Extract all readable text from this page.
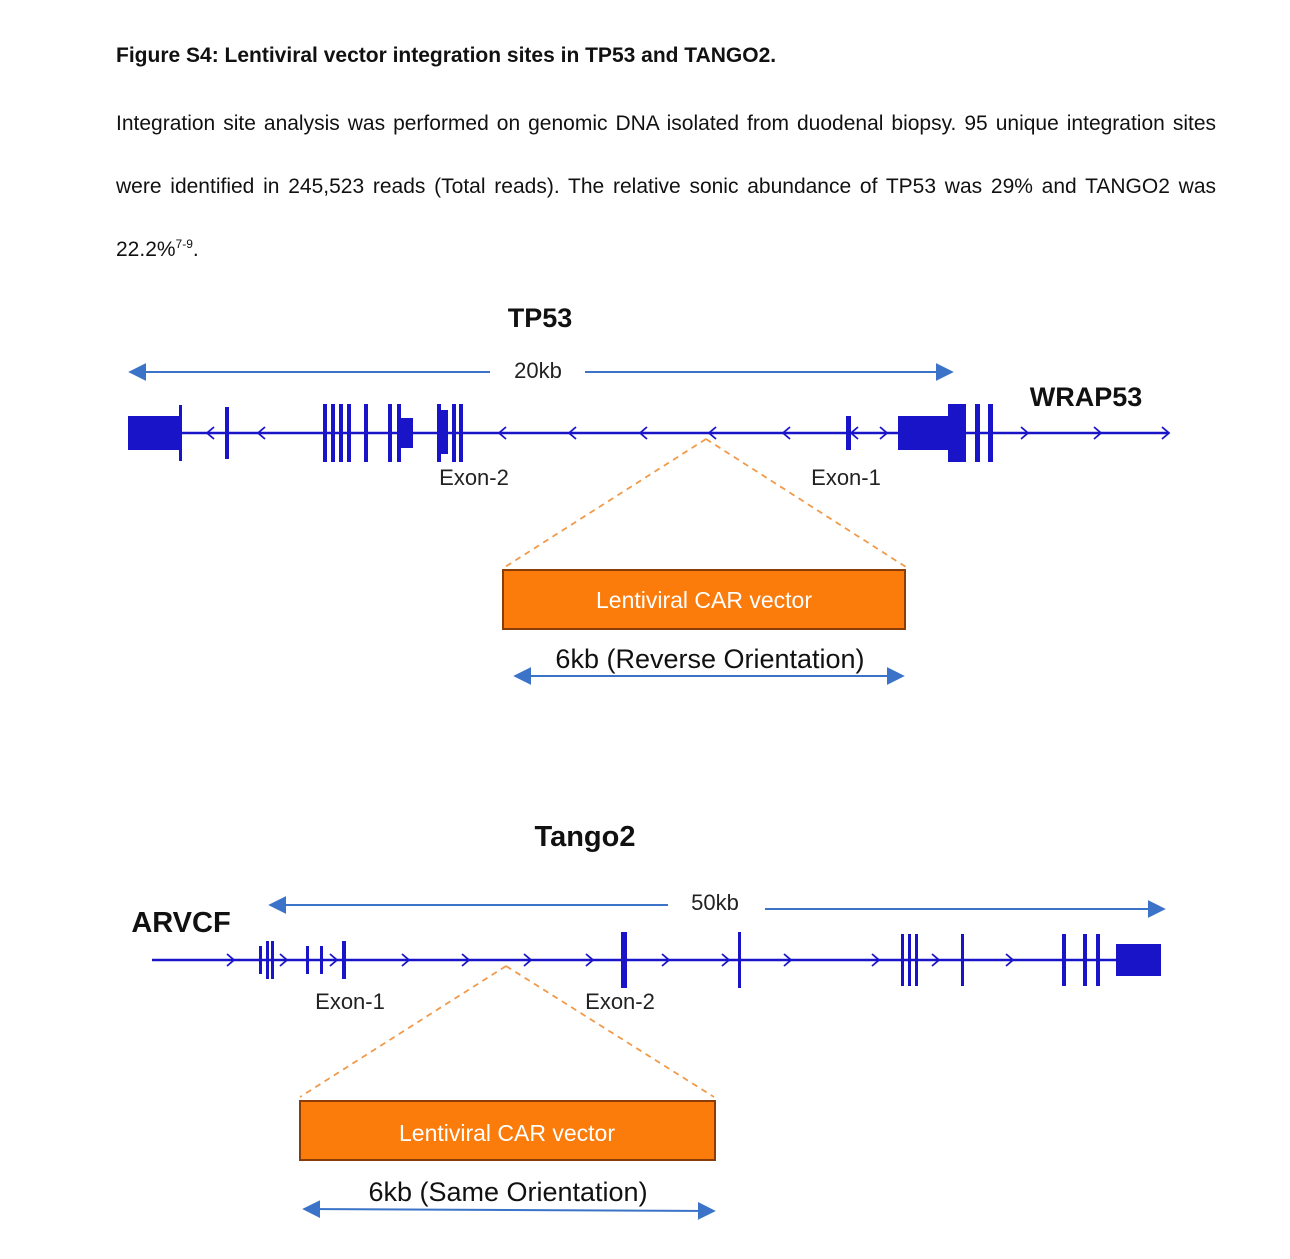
Figure S4: Lentiviral vector integration sites in TP53 and TANGO2.
Integration site analysis was performed on genomic DNA isolated from duodenal biopsy. 95 unique integration sites were identified in 245,523 reads (Total reads). The relative sonic abundance of TP53 was 29% and TANGO2 was 22.2%$^{7-9}$.
TP53
20kb
WRAP53
Exon-2	Exon-1
Lentiviral CAR vector
6kb (Reverse Orientation)
Tango2
50kb
ARVCF
Exon-1	Exon-2
Lentiviral CAR vector
6kb (Same Orientation)
